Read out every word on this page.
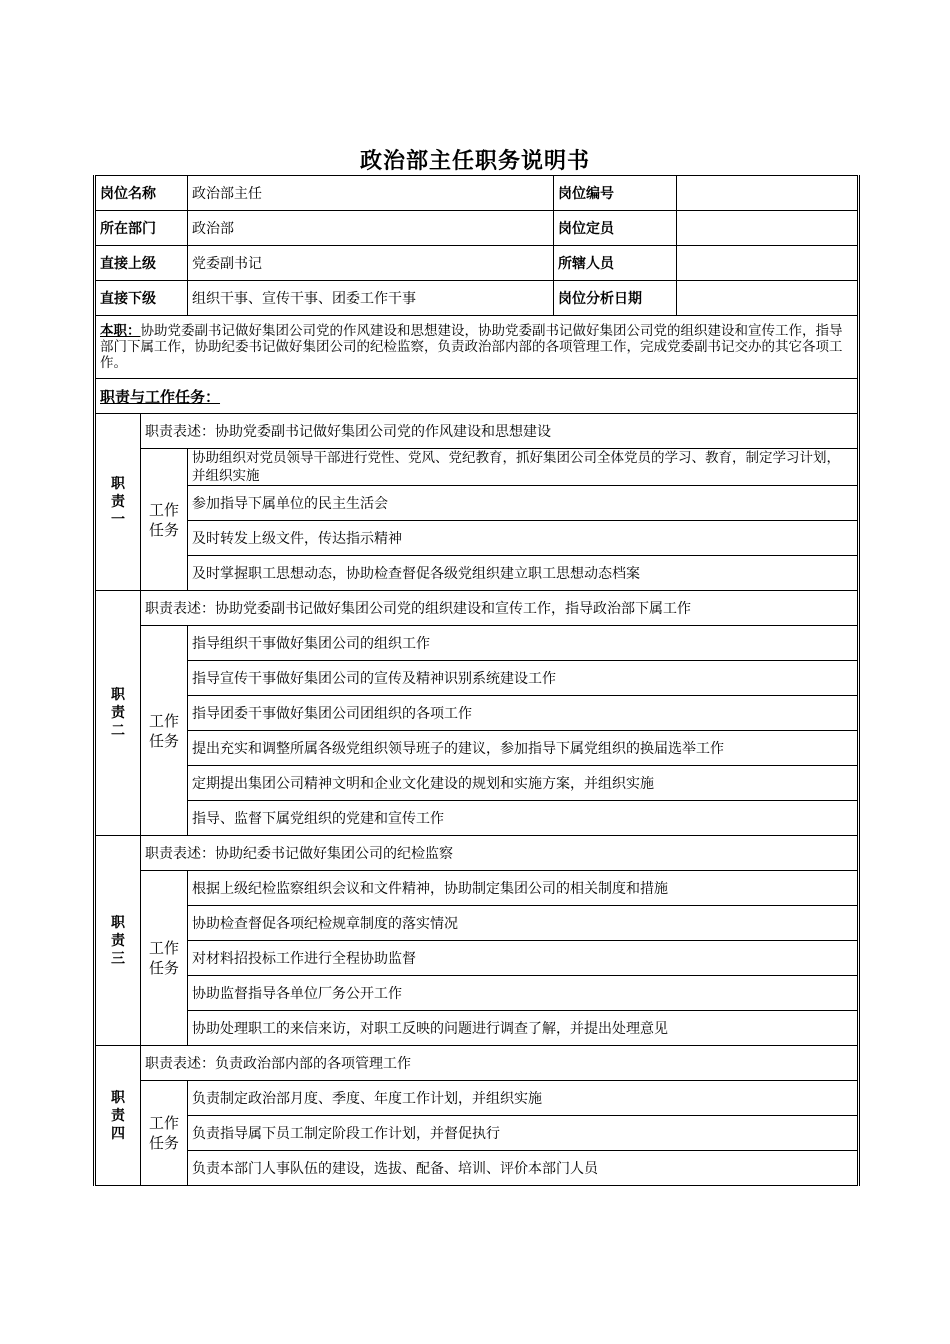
政治部主任职务说明书
岗位名称		政治部主任	岗位编号	
所在部门		政治部	岗位定员	
直接上级		党委副书记	所辖人员	
直接下级		组织干事、宣传干事、团委工作干事	岗位分析日期	
本职：协助党委副书记做好集团公司党的作风建设和思想建设，协助党委副书记做好集团公司党的组织建设和宣传工作，指导部门下属工作，协助纪委书记做好集团公司的纪检监察，负责政治部内部的各项管理工作，完成党委副书记交办的其它各项工作。				
职责与工作任务：				

职
责
一	职责表述：协助党委副书记做好集团公司党的作风建设和思想建设			

	工作
任务	协助组织对党员领导干部进行党性、党风、党纪教育，抓好集团公司全体党员的学习、教育，制定学习计划，并组织实施		
		参加指导下属单位的民主生活会		
		及时转发上级文件，传达指示精神		
		及时掌握职工思想动态，协助检查督促各级党组织建立职工思想动态档案		

职
责
二	职责表述：协助党委副书记做好集团公司党的组织建设和宣传工作，指导政治部下属工作			

	工作
任务	指导组织干事做好集团公司的组织工作		
		指导宣传干事做好集团公司的宣传及精神识别系统建设工作		
		指导团委干事做好集团公司团组织的各项工作		
		提出充实和调整所属各级党组织领导班子的建议，参加指导下属党组织的换届选举工作		
		定期提出集团公司精神文明和企业文化建设的规划和实施方案，并组织实施		
		指导、监督下属党组织的党建和宣传工作		

职
责
三	职责表述：协助纪委书记做好集团公司的纪检监察			

	工作
任务	根据上级纪检监察组织会议和文件精神，协助制定集团公司的相关制度和措施		
		协助检查督促各项纪检规章制度的落实情况		
		对材料招投标工作进行全程协助监督		
		协助监督指导各单位厂务公开工作		
		协助处理职工的来信来访，对职工反映的问题进行调查了解，并提出处理意见		

职
责
四	职责表述：负责政治部内部的各项管理工作			

	工作
任务	负责制定政治部月度、季度、年度工作计划，并组织实施		
		负责指导属下员工制定阶段工作计划，并督促执行		
		负责本部门人事队伍的建设，选拔、配备、培训、评价本部门人员		
